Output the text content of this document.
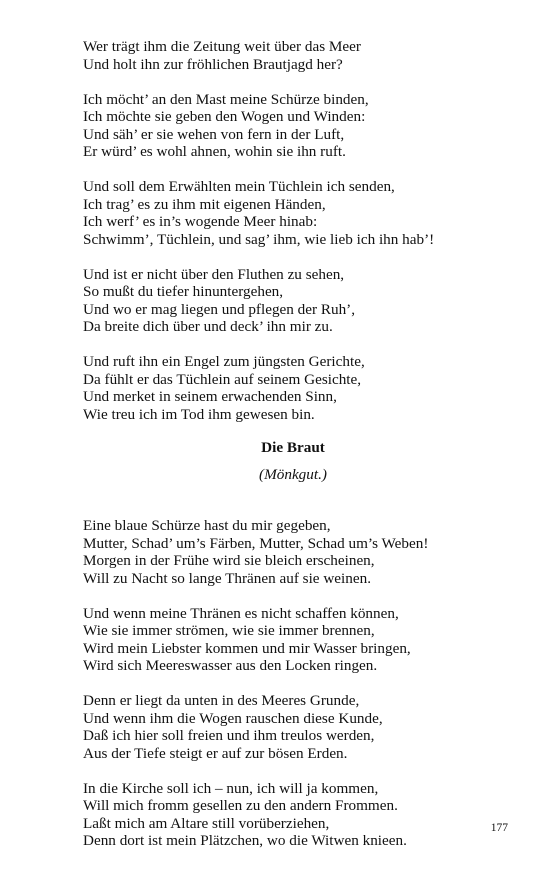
Wer trägt ihm die Zeitung weit über das Meer
Und holt ihn zur fröhlichen Brautjagd her?
Ich möcht’ an den Mast meine Schürze binden,
Ich möchte sie geben den Wogen und Winden:
Und säh’ er sie wehen von fern in der Luft,
Er würd’ es wohl ahnen, wohin sie ihn ruft.
Und soll dem Erwählten mein Tüchlein ich senden,
Ich trag’ es zu ihm mit eigenen Händen,
Ich werf’ es in’s wogende Meer hinab:
Schwimm’, Tüchlein, und sag’ ihm, wie lieb ich ihn hab’!
Und ist er nicht über den Fluthen zu sehen,
So mußt du tiefer hinuntergehen,
Und wo er mag liegen und pflegen der Ruh’,
Da breite dich über und deck’ ihn mir zu.
Und ruft ihn ein Engel zum jüngsten Gerichte,
Da fühlt er das Tüchlein auf seinem Gesichte,
Und merket in seinem erwachenden Sinn,
Wie treu ich im Tod ihm gewesen bin.
Die Braut
(Mönkgut.)
Eine blaue Schürze hast du mir gegeben,
Mutter, Schad’ um’s Färben, Mutter, Schad um’s Weben!
Morgen in der Frühe wird sie bleich erscheinen,
Will zu Nacht so lange Thränen auf sie weinen.
Und wenn meine Thränen es nicht schaffen können,
Wie sie immer strömen, wie sie immer brennen,
Wird mein Liebster kommen und mir Wasser bringen,
Wird sich Meereswasser aus den Locken ringen.
Denn er liegt da unten in des Meeres Grunde,
Und wenn ihm die Wogen rauschen diese Kunde,
Daß ich hier soll freien und ihm treulos werden,
Aus der Tiefe steigt er auf zur bösen Erden.
In die Kirche soll ich – nun, ich will ja kommen,
Will mich fromm gesellen zu den andern Frommen.
Laßt mich am Altare still vorüberziehen,
Denn dort ist mein Plätzchen, wo die Witwen knieen.
177
